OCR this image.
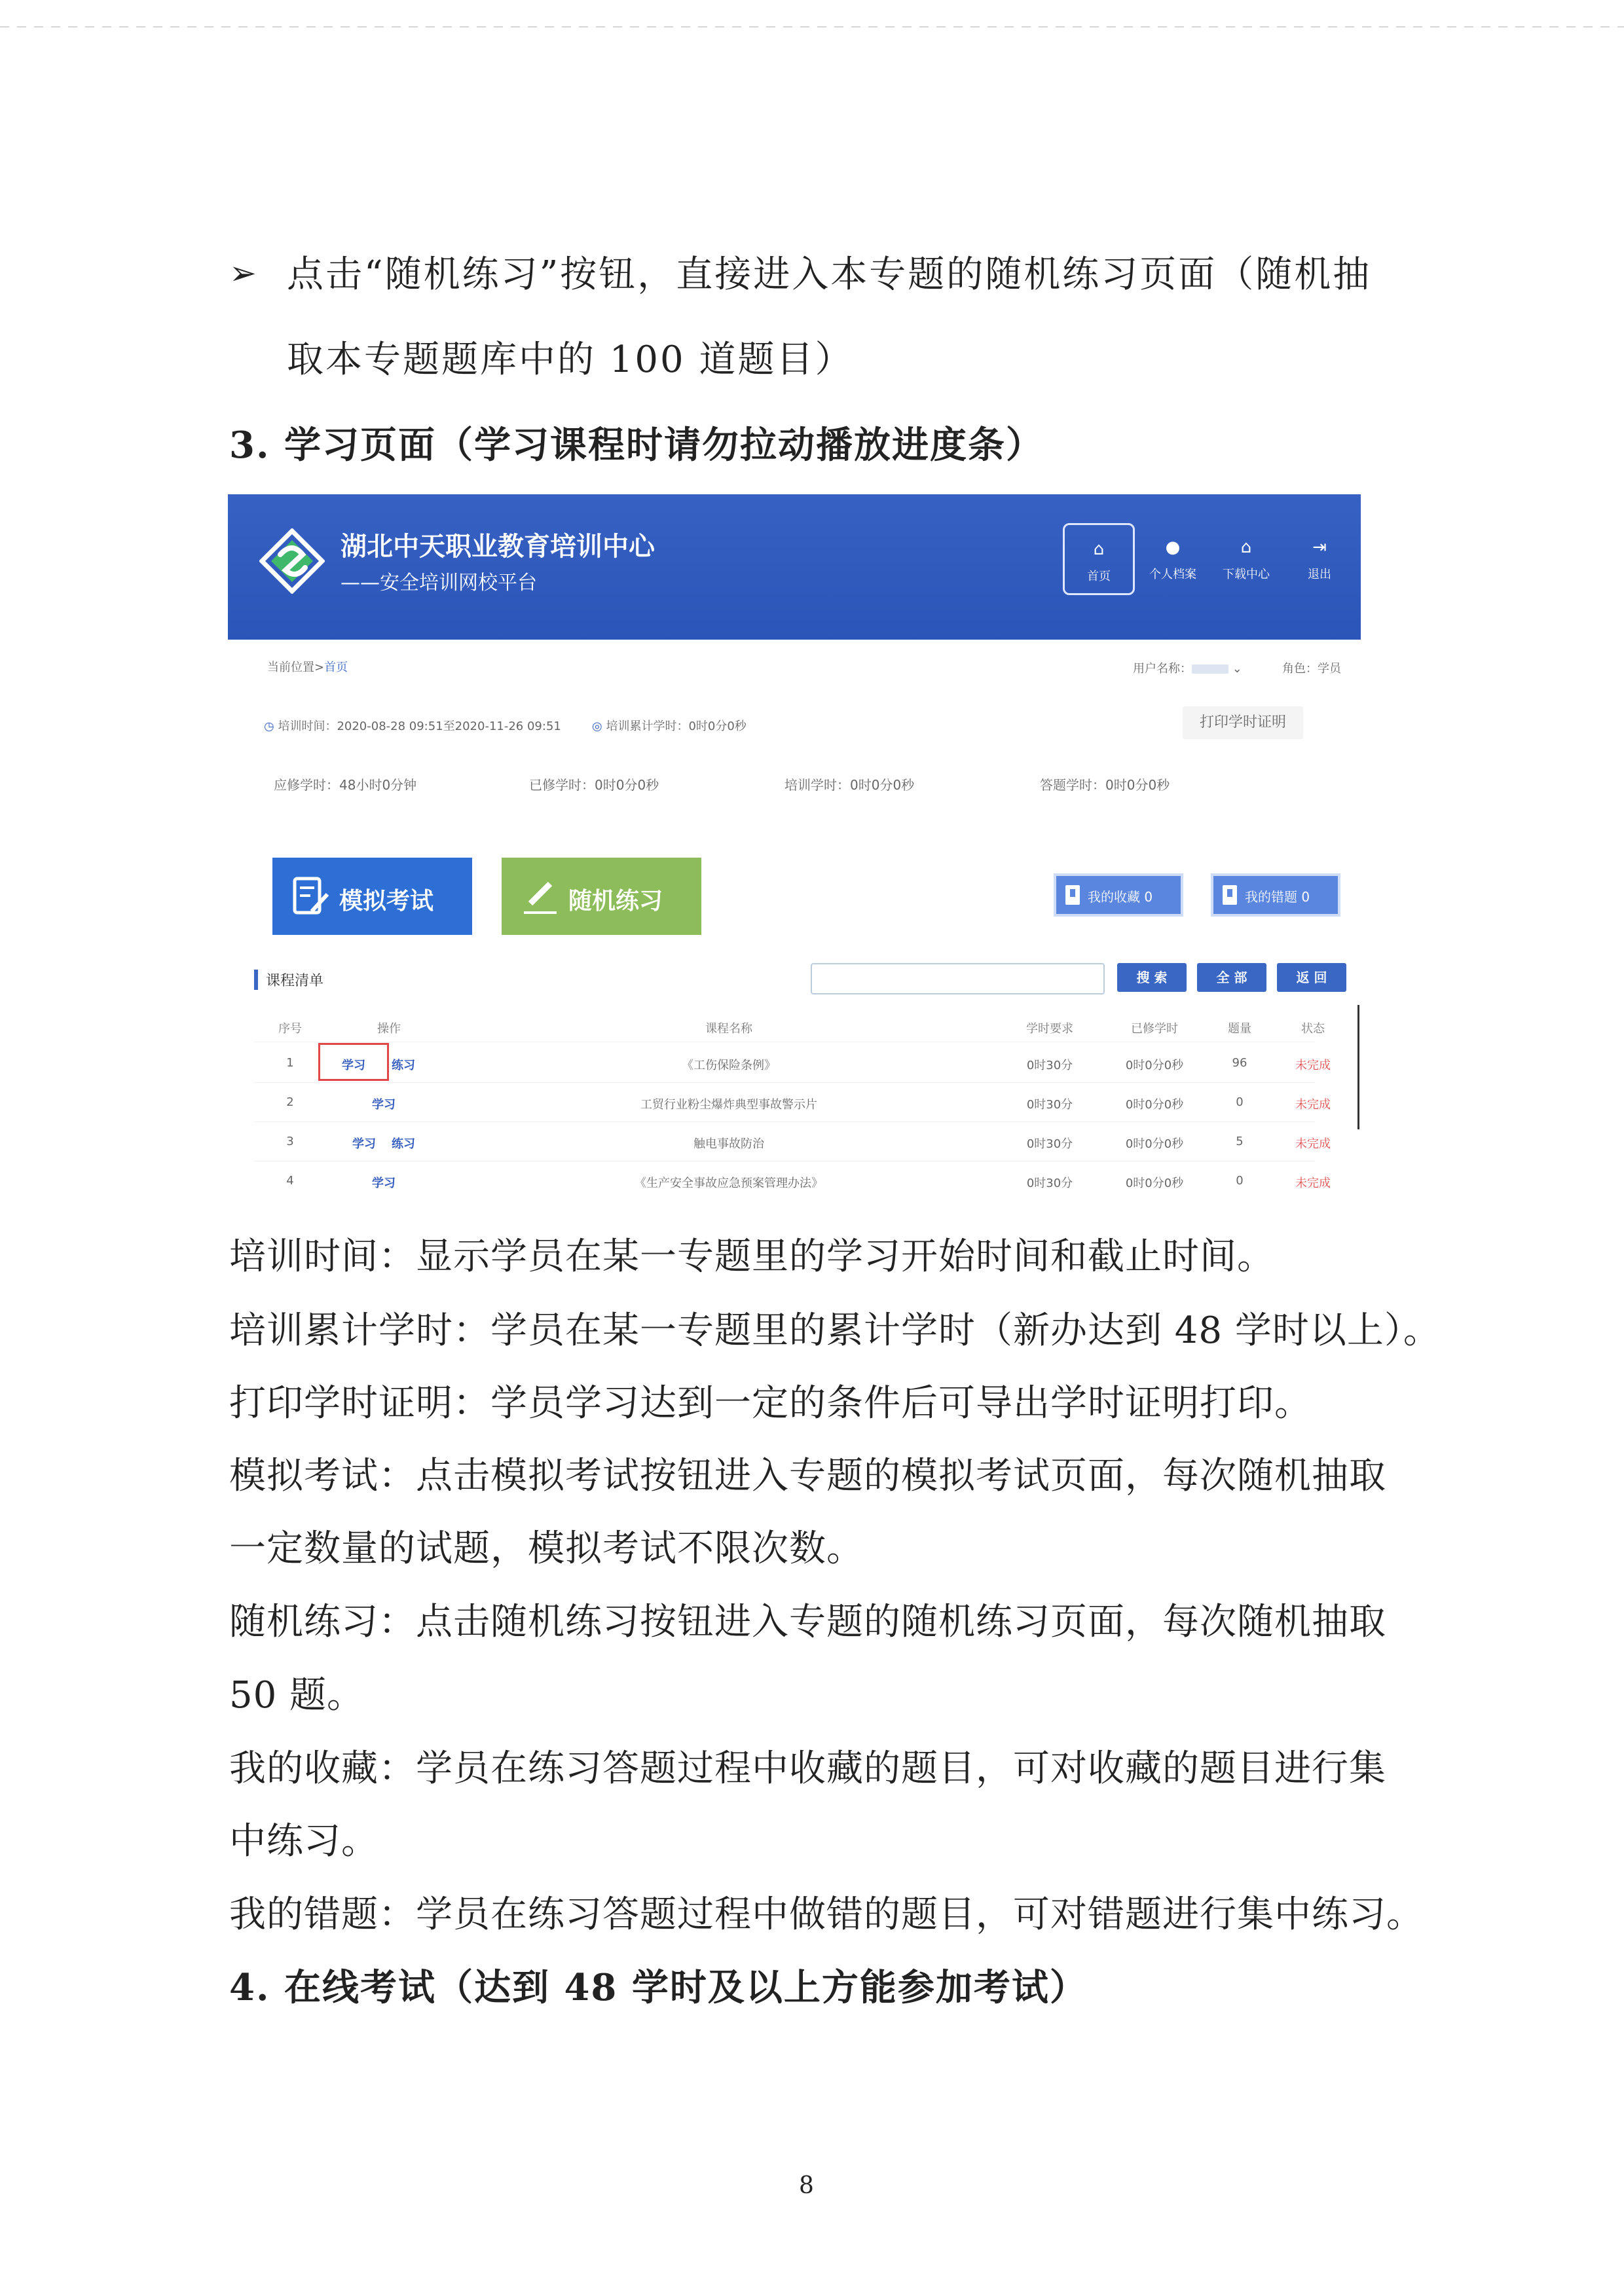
➢ 点击“随机练习”按钮，直接进入本专题的随机练习页面（随机抽
取本专题题库中的 100 道题目）
3. 学习页面（学习课程时请勿拉动播放进度条）
湖北中天职业教育培训中心
——安全培训网校平台
⌂
首页
●
个人档案
⌂
下载中心
⇥
退出
当前位置>首页	用户名称：	⌄	角色：学员
◷ 培训时间：2020-08-28 09:51至2020-11-26 09:51	◎ 培训累计学时：0时0分0秒	打印学时证明
应修学时：48小时0分钟	已修学时：0时0分0秒	培训学时：0时0分0秒	答题学时：0时0分0秒
模拟考试	随机练习	我的收藏 0	我的错题 0
课程清单	搜 索	全 部	返 回
序号	操作	课程名称	学时要求	已修学时	题量	状态
1	学习 练习	《工伤保险条例》	0时30分	0时0分0秒	96	未完成
2	学习	工贸行业粉尘爆炸典型事故警示片	0时30分	0时0分0秒	0	未完成
3	学习 练习	触电事故防治	0时30分	0时0分0秒	5	未完成
4	学习	《生产安全事故应急预案管理办法》	0时30分	0时0分0秒	0	未完成
培训时间：显示学员在某一专题里的学习开始时间和截止时间。
培训累计学时：学员在某一专题里的累计学时（新办达到 48 学时以上）。
打印学时证明：学员学习达到一定的条件后可导出学时证明打印。
模拟考试：点击模拟考试按钮进入专题的模拟考试页面，每次随机抽取
一定数量的试题，模拟考试不限次数。
随机练习：点击随机练习按钮进入专题的随机练习页面，每次随机抽取
50 题。
我的收藏：学员在练习答题过程中收藏的题目，可对收藏的题目进行集
中练习。
我的错题：学员在练习答题过程中做错的题目，可对错题进行集中练习。
4. 在线考试（达到 48 学时及以上方能参加考试）
8
